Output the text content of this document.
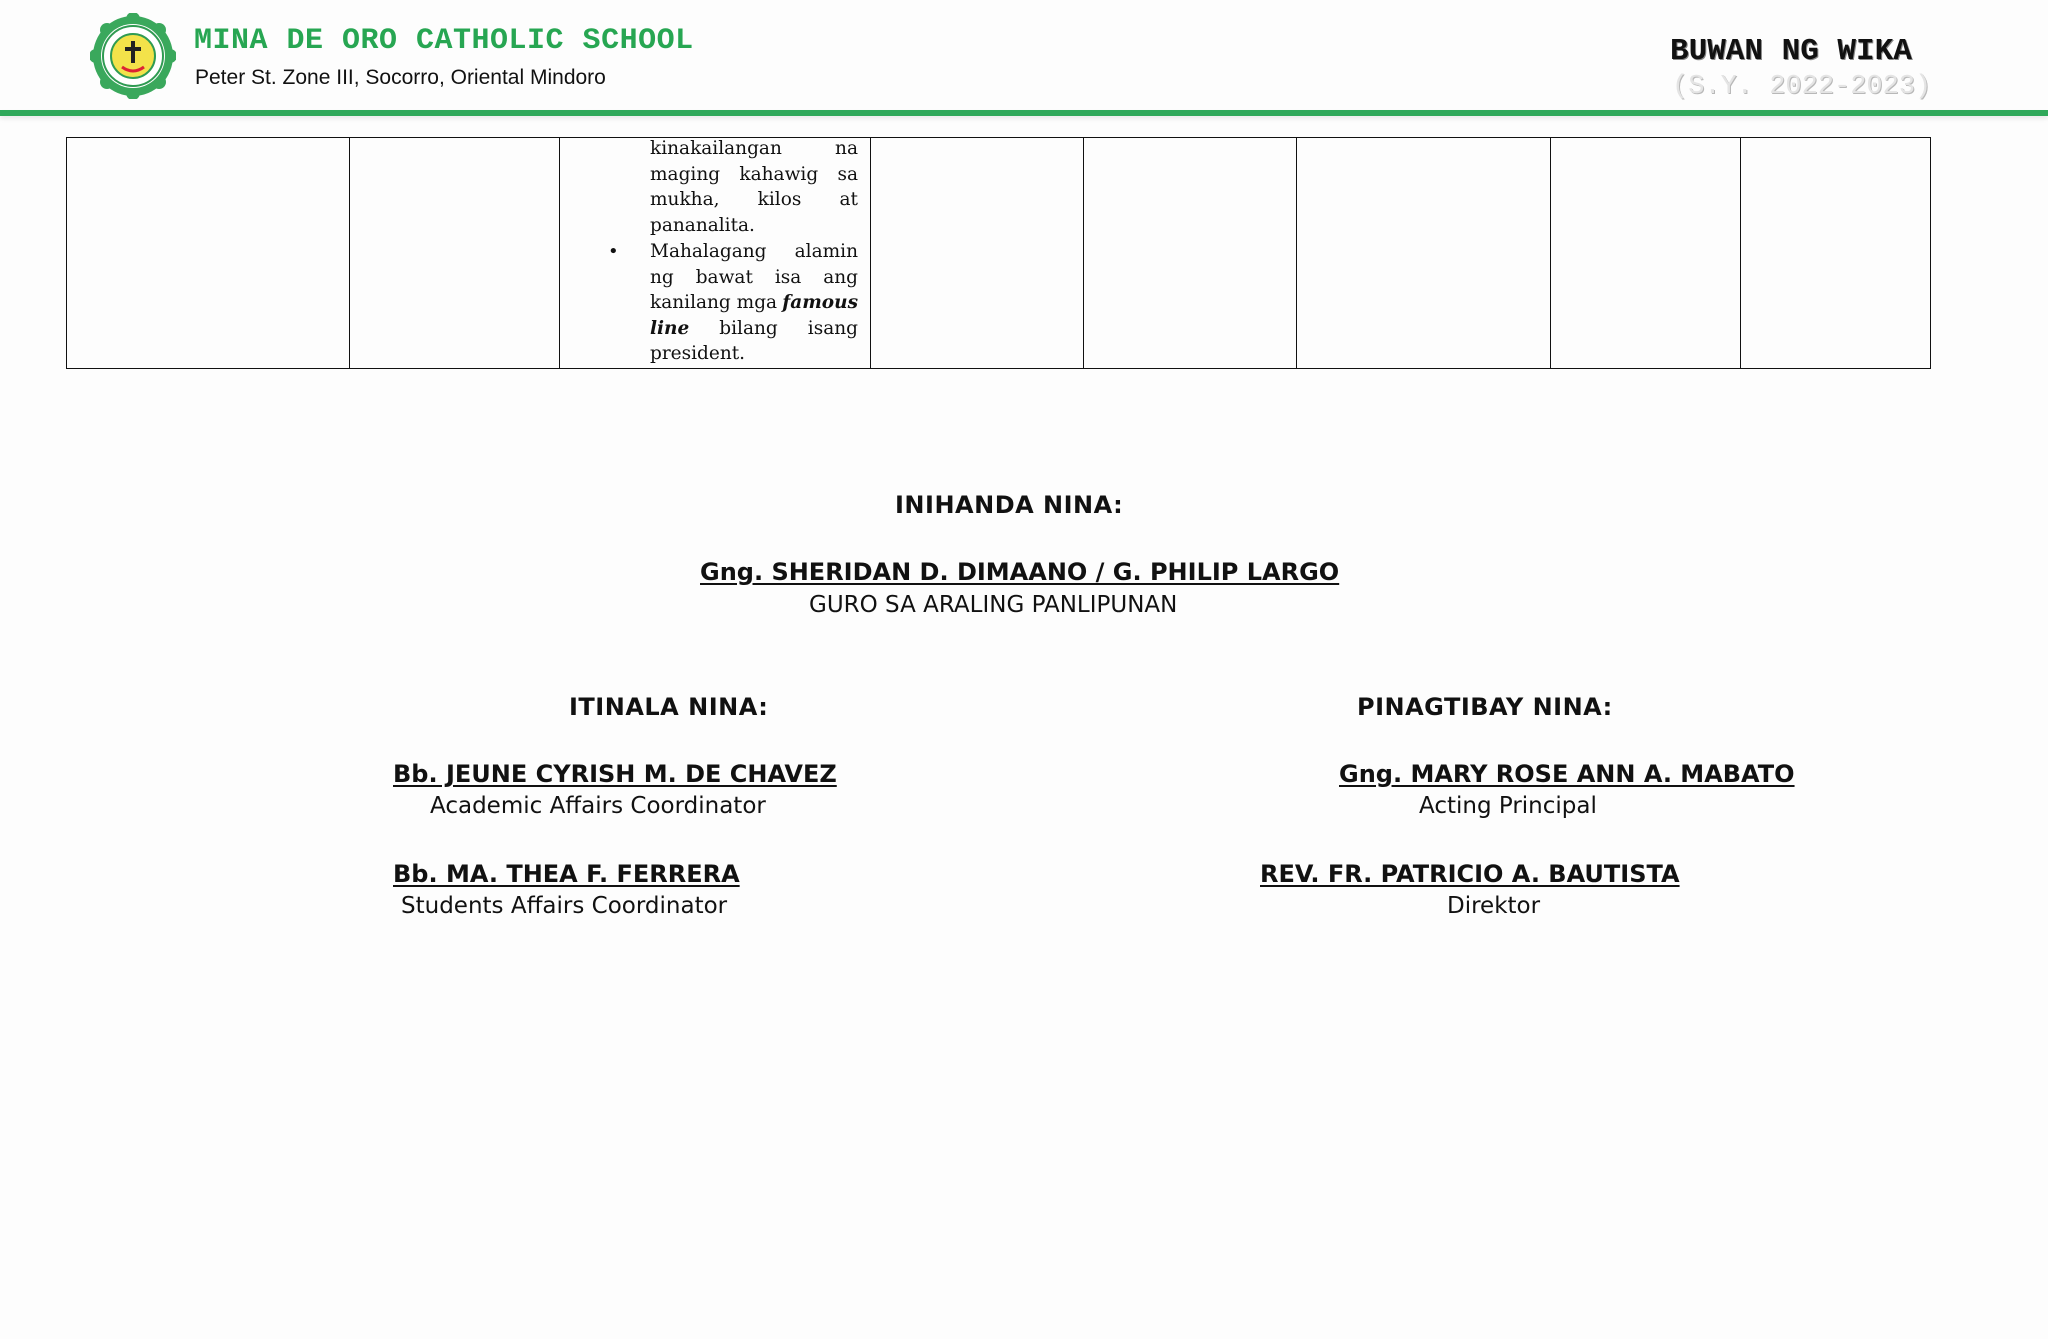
MINA DE ORO CATHOLIC SCHOOL
Peter St. Zone III, Socorro, Oriental Mindoro
BUWAN NG WIKA
(S.Y. 2022-2023)

kinakailangan	na
maging kahawig sa
mukha, kilos at
pananalita.
• Mahalagang alamin
ng bawat isa ang
kanilang mga famous
line bilang isang
president.

INIHANDA NINA:
Gng. SHERIDAN D. DIMAANO / G. PHILIP LARGO
GURO SA ARALING PANLIPUNAN
ITINALA NINA:
Bb. JEUNE CYRISH M. DE CHAVEZ
Academic Affairs Coordinator
Bb. MA. THEA F. FERRERA
Students Affairs Coordinator
PINAGTIBAY NINA:
Gng. MARY ROSE ANN A. MABATO
Acting Principal
REV. FR. PATRICIO A. BAUTISTA
Direktor
